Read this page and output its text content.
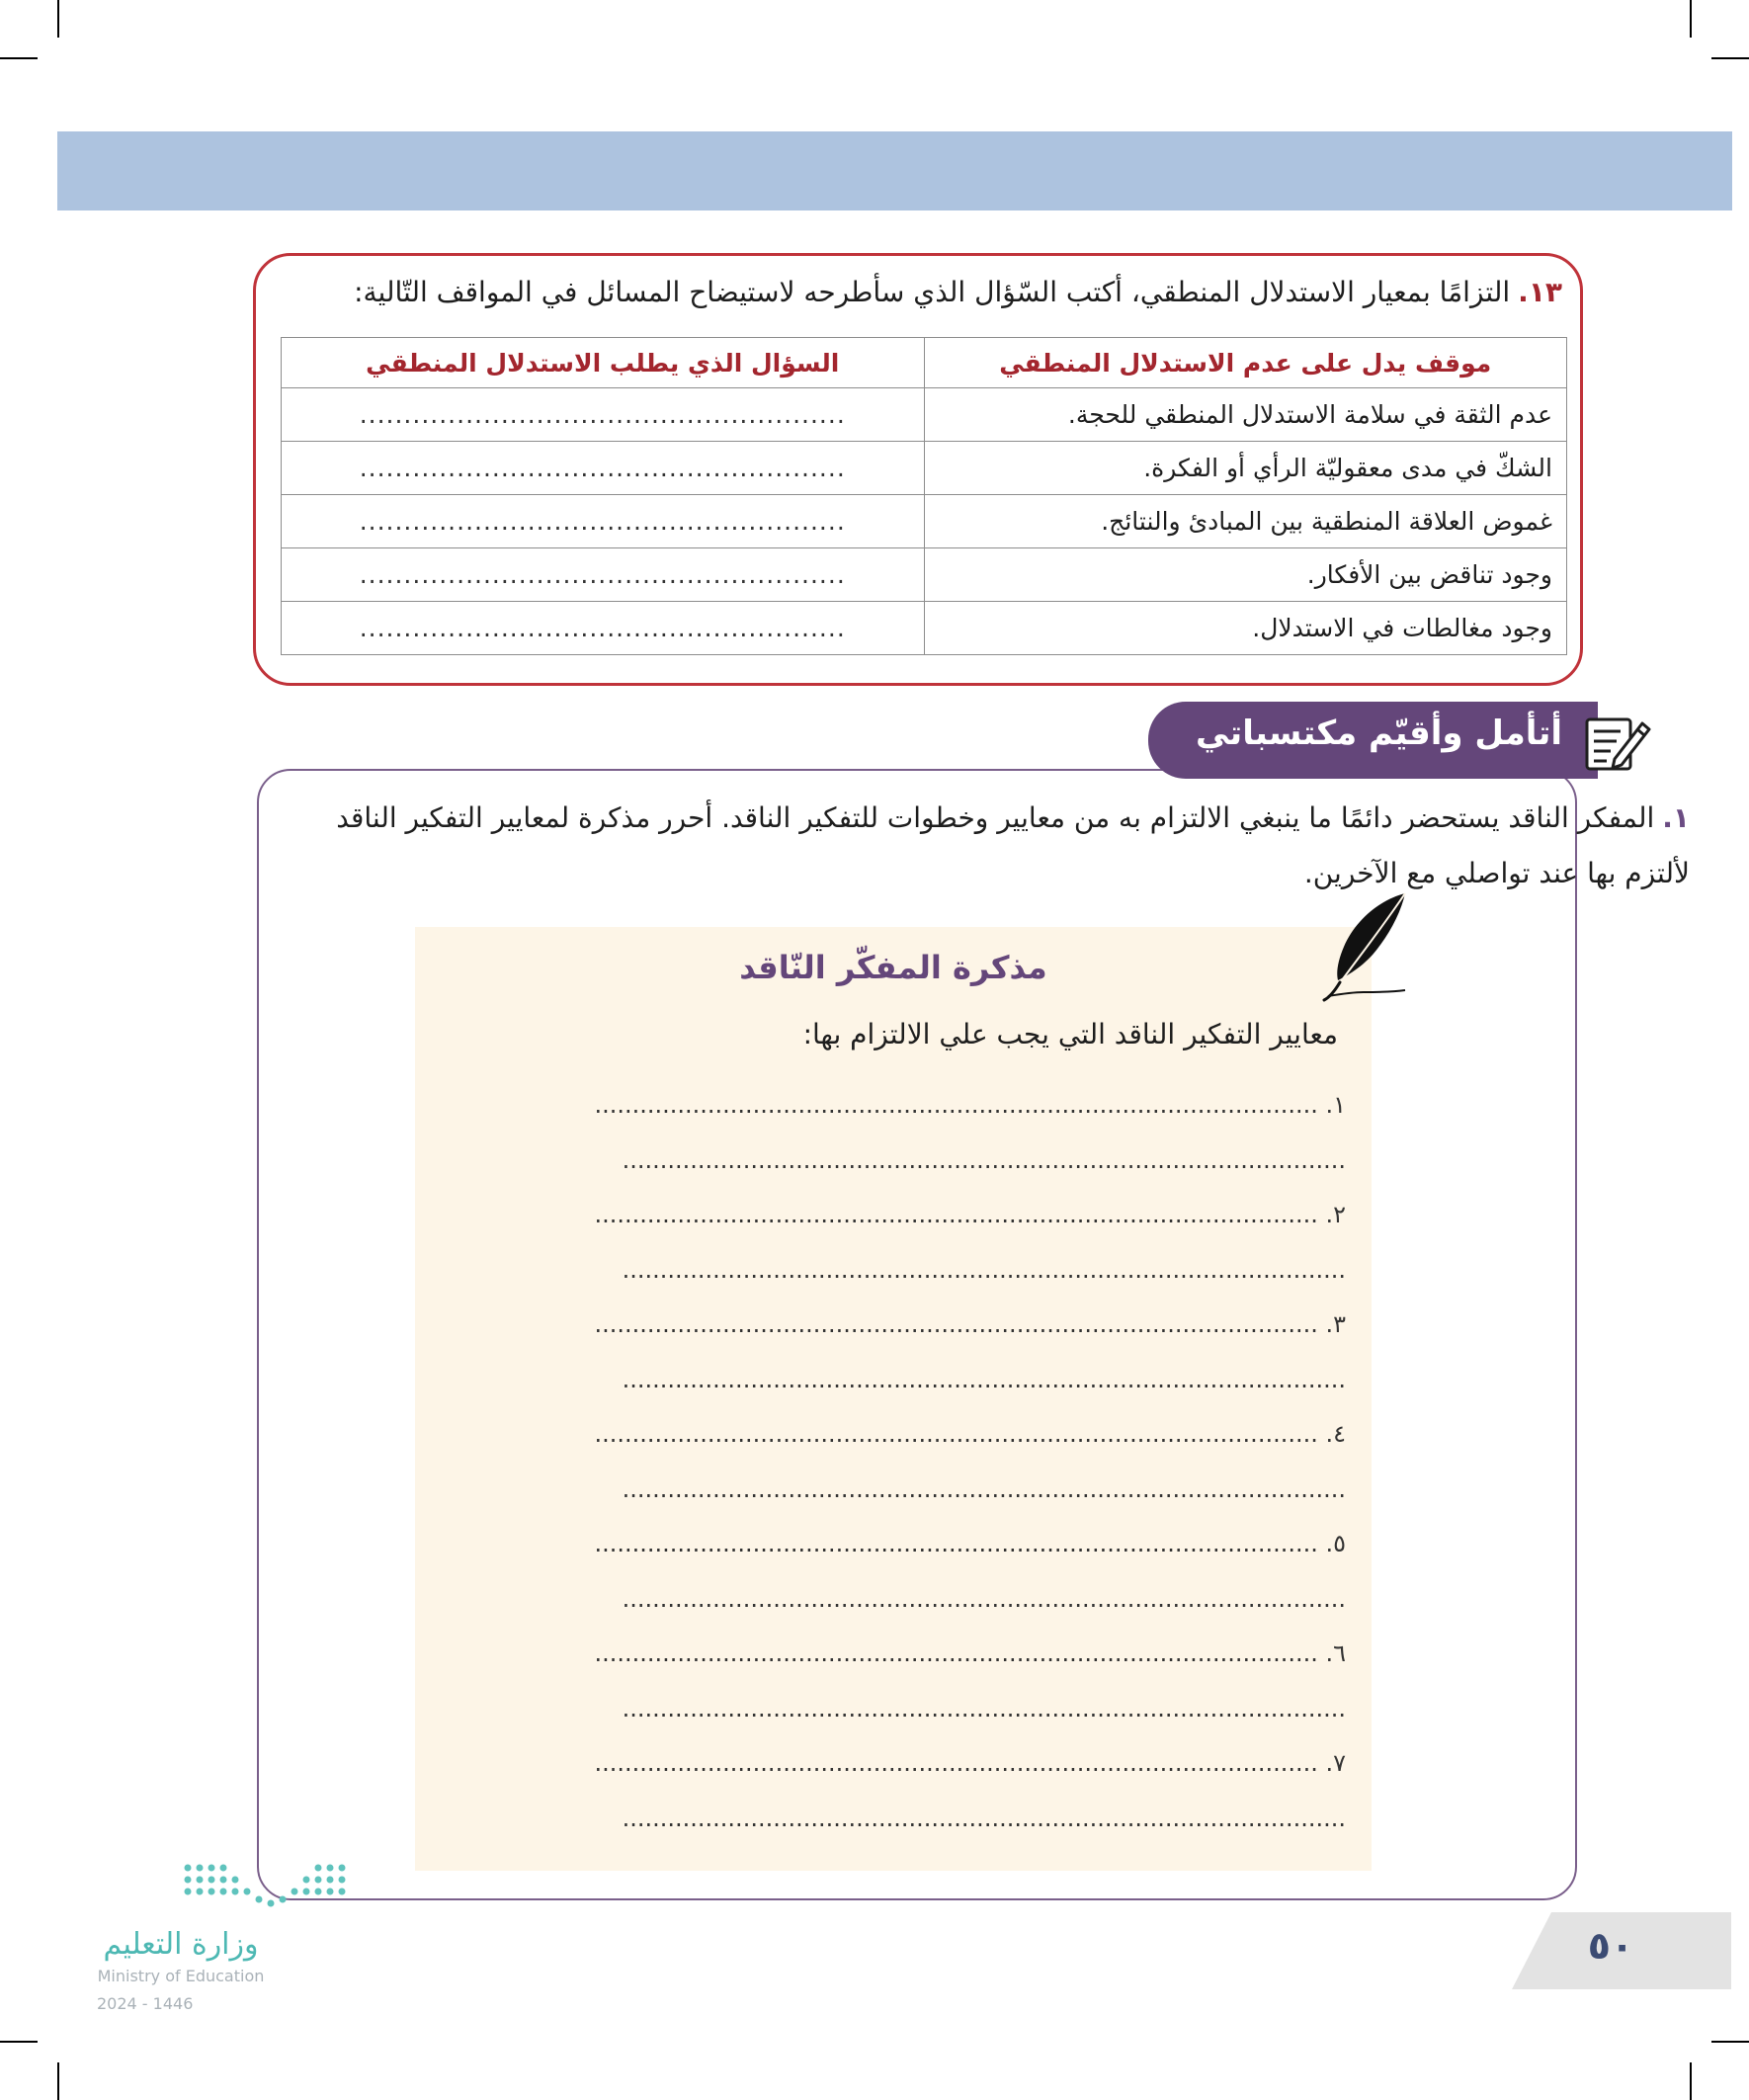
١٣.التزامًا بمعيار الاستدلال المنطقي، أكتب السّؤال الذي سأطرحه لاستيضاح المسائل في المواقف التّالية:
موقف يدل على عدم الاستدلال المنطقي	السؤال الذي يطلب الاستدلال المنطقي
عدم الثقة في سلامة الاستدلال المنطقي للحجة.	.......................................................
الشكّ في مدى معقوليّة الرأي أو الفكرة.	.......................................................
غموض العلاقة المنطقية بين المبادئ والنتائج.	.......................................................
وجود تناقض بين الأفكار.	.......................................................
وجود مغالطات في الاستدلال.	.......................................................
أتأمل وأقيّم مكتسباتي
١.المفكر الناقد يستحضر دائمًا ما ينبغي الالتزام به من معايير وخطوات للتفكير الناقد. أحرر مذكرة لمعايير التفكير الناقد لألتزم بها عند تواصلي مع الآخرين.
مذكرة المفكّر النّاقد
معايير التفكير الناقد التي يجب علي الالتزام بها:
١. ................................................................................................
................................................................................................
٢. ................................................................................................
................................................................................................
٣. ................................................................................................
................................................................................................
٤. ................................................................................................
................................................................................................
٥. ................................................................................................
................................................................................................
٦. ................................................................................................
................................................................................................
٧. ................................................................................................
................................................................................................
وزارة التعليم
Ministry of Education
2024 - 1446
٥٠
